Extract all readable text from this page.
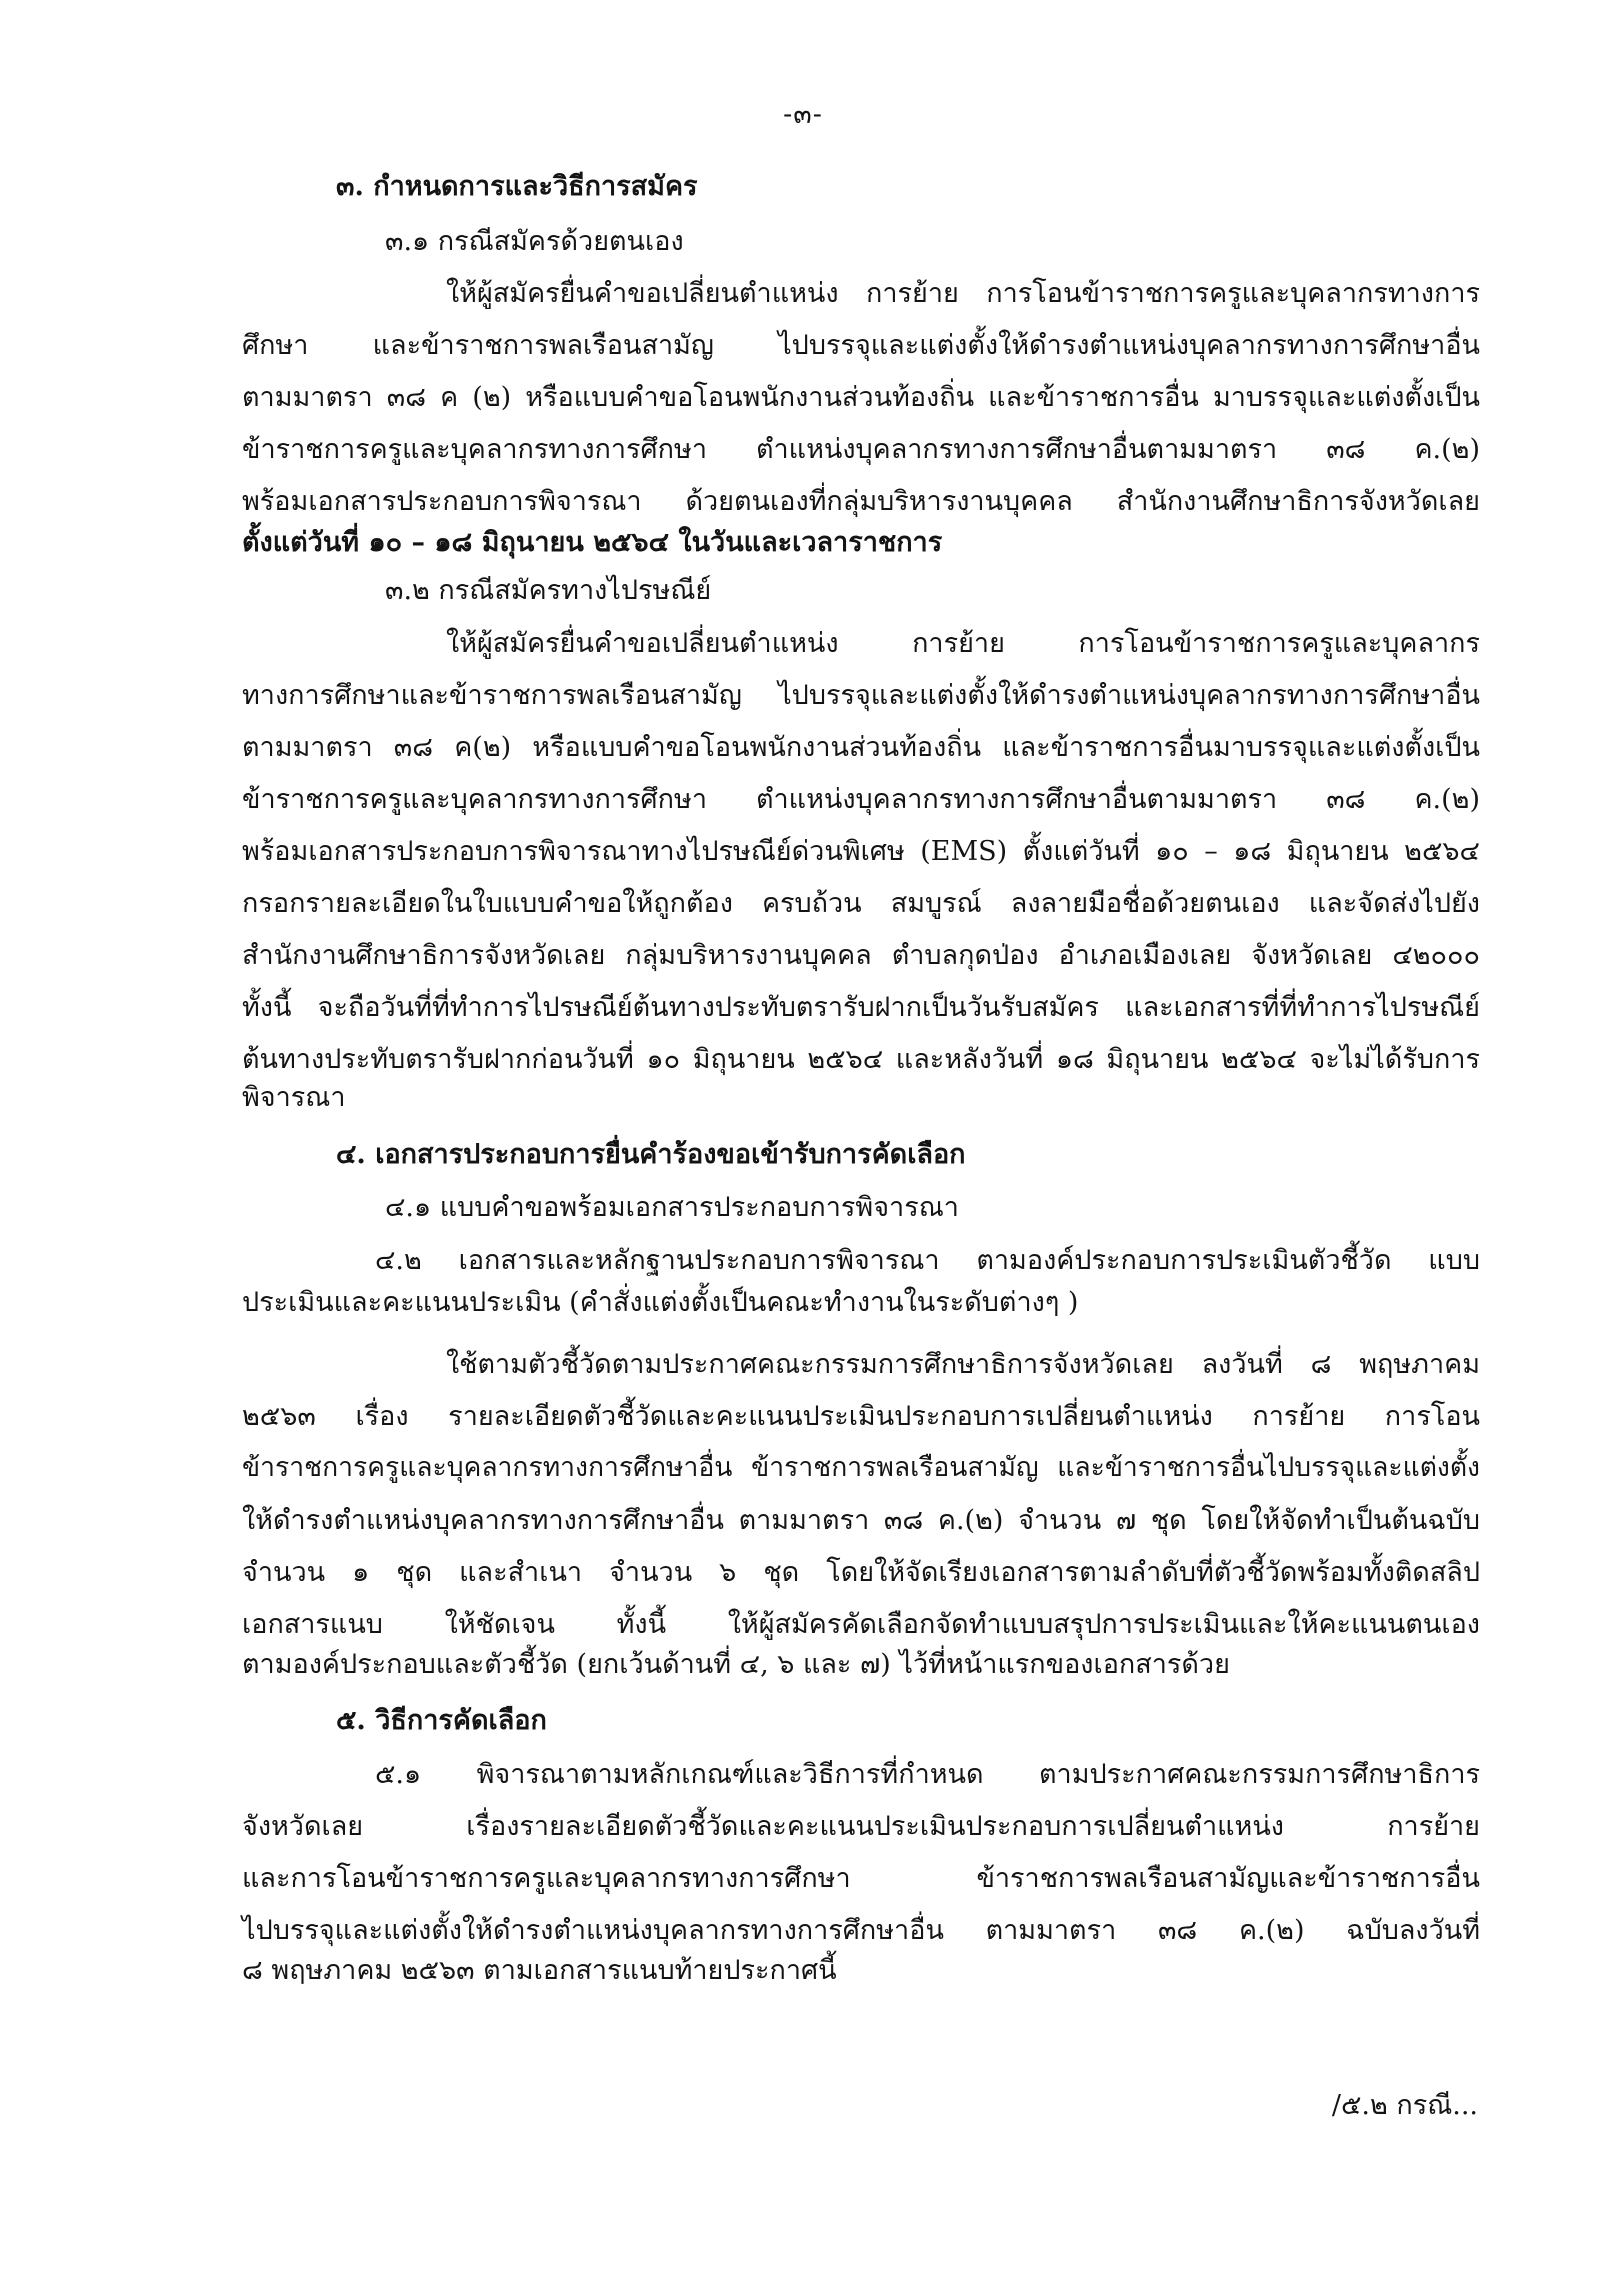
-๓-
๓. กำหนดการและวิธีการสมัคร
๓.๑ กรณีสมัครด้วยตนเอง
ให้ผู้สมัครยื่นคำขอเปลี่ยนตำแหน่ง การย้าย การโอนข้าราชการครูและบุคลากรทางการ
ศึกษา และข้าราชการพลเรือนสามัญ ไปบรรจุและแต่งตั้งให้ดำรงตำแหน่งบุคลากรทางการศึกษาอื่น
ตามมาตรา ๓๘ ค (๒) หรือแบบคำขอโอนพนักงานส่วนท้องถิ่น และข้าราชการอื่น มาบรรจุและแต่งตั้งเป็น
ข้าราชการครูและบุคลากรทางการศึกษา ตำแหน่งบุคลากรทางการศึกษาอื่นตามมาตรา ๓๘ ค.(๒)
พร้อมเอกสารประกอบการพิจารณา ด้วยตนเองที่กลุ่มบริหารงานบุคคล สำนักงานศึกษาธิการจังหวัดเลย
ตั้งแต่วันที่ ๑๐ – ๑๘ มิถุนายน ๒๕๖๔ ในวันและเวลาราชการ
๓.๒ กรณีสมัครทางไปรษณีย์
ให้ผู้สมัครยื่นคำขอเปลี่ยนตำแหน่ง การย้าย การโอนข้าราชการครูและบุคลากร
ทางการศึกษาและข้าราชการพลเรือนสามัญ ไปบรรจุและแต่งตั้งให้ดำรงตำแหน่งบุคลากรทางการศึกษาอื่น
ตามมาตรา ๓๘ ค(๒) หรือแบบคำขอโอนพนักงานส่วนท้องถิ่น และข้าราชการอื่นมาบรรจุและแต่งตั้งเป็น
ข้าราชการครูและบุคลากรทางการศึกษา ตำแหน่งบุคลากรทางการศึกษาอื่นตามมาตรา ๓๘ ค.(๒)
พร้อมเอกสารประกอบการพิจารณาทางไปรษณีย์ด่วนพิเศษ (EMS) ตั้งแต่วันที่ ๑๐ – ๑๘ มิถุนายน ๒๕๖๔
กรอกรายละเอียดในใบแบบคำขอให้ถูกต้อง ครบถ้วน สมบูรณ์ ลงลายมือชื่อด้วยตนเอง และจัดส่งไปยัง
สำนักงานศึกษาธิการจังหวัดเลย กลุ่มบริหารงานบุคคล ตำบลกุดป่อง อำเภอเมืองเลย จังหวัดเลย ๔๒๐๐๐
ทั้งนี้ จะถือวันที่ที่ทำการไปรษณีย์ต้นทางประทับตรารับฝากเป็นวันรับสมัคร และเอกสารที่ที่ทำการไปรษณีย์
ต้นทางประทับตรารับฝากก่อนวันที่ ๑๐ มิถุนายน ๒๕๖๔ และหลังวันที่ ๑๘ มิถุนายน ๒๕๖๔ จะไม่ได้รับการ
พิจารณา
๔. เอกสารประกอบการยื่นคำร้องขอเข้ารับการคัดเลือก
๔.๑ แบบคำขอพร้อมเอกสารประกอบการพิจารณา
๔.๒ เอกสารและหลักฐานประกอบการพิจารณา ตามองค์ประกอบการประเมินตัวชี้วัด แบบ
ประเมินและคะแนนประเมิน (คำสั่งแต่งตั้งเป็นคณะทำงานในระดับต่างๆ )
ใช้ตามตัวชี้วัดตามประกาศคณะกรรมการศึกษาธิการจังหวัดเลย ลงวันที่ ๘ พฤษภาคม
๒๕๖๓ เรื่อง รายละเอียดตัวชี้วัดและคะแนนประเมินประกอบการเปลี่ยนตำแหน่ง การย้าย การโอน
ข้าราชการครูและบุคลากรทางการศึกษาอื่น ข้าราชการพลเรือนสามัญ และข้าราชการอื่นไปบรรจุและแต่งตั้ง
ให้ดำรงตำแหน่งบุคลากรทางการศึกษาอื่น ตามมาตรา ๓๘ ค.(๒) จำนวน ๗ ชุด โดยให้จัดทำเป็นต้นฉบับ
จำนวน ๑ ชุด และสำเนา จำนวน ๖ ชุด โดยให้จัดเรียงเอกสารตามลำดับที่ตัวชี้วัดพร้อมทั้งติดสลิป
เอกสารแนบ ให้ชัดเจน ทั้งนี้ ให้ผู้สมัครคัดเลือกจัดทำแบบสรุปการประเมินและให้คะแนนตนเอง
ตามองค์ประกอบและตัวชี้วัด (ยกเว้นด้านที่ ๔, ๖ และ ๗) ไว้ที่หน้าแรกของเอกสารด้วย
๕. วิธีการคัดเลือก
๕.๑ พิจารณาตามหลักเกณฑ์และวิธีการที่กำหนด ตามประกาศคณะกรรมการศึกษาธิการ
จังหวัดเลย เรื่องรายละเอียดตัวชี้วัดและคะแนนประเมินประกอบการเปลี่ยนตำแหน่ง การย้าย
และการโอนข้าราชการครูและบุคลากรทางการศึกษา ข้าราชการพลเรือนสามัญและข้าราชการอื่น
ไปบรรจุและแต่งตั้งให้ดำรงตำแหน่งบุคลากรทางการศึกษาอื่น ตามมาตรา ๓๘ ค.(๒) ฉบับลงวันที่
๘ พฤษภาคม ๒๕๖๓ ตามเอกสารแนบท้ายประกาศนี้
/๕.๒ กรณี...
